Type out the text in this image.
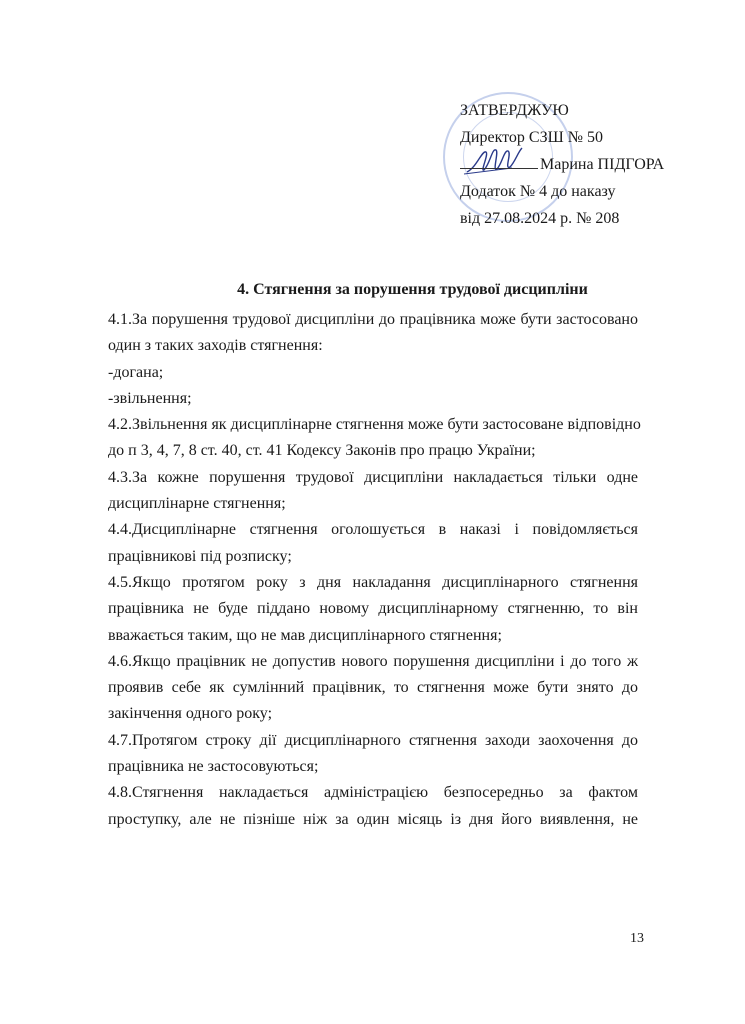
ЗАТВЕРДЖУЮ
Директор СЗШ № 50
Марина ПІДГОРА
Додаток № 4 до наказу
від 27.08.2024 р. № 208
4. Стягнення за порушення трудової дисципліни
4.1.За порушення трудової дисципліни до працівника може бути застосовано
один з таких заходів стягнення:
-догана;
-звільнення;
4.2.Звільнення як дисциплінарне стягнення може бути застосоване відповідно
до п 3, 4, 7, 8 ст. 40, ст. 41 Кодексу Законів про працю України;
4.3.За кожне порушення трудової дисципліни накладається тільки одне
дисциплінарне стягнення;
4.4.Дисциплінарне стягнення оголошується в наказі і повідомляється
працівникові під розписку;
4.5.Якщо протягом року з дня накладання дисциплінарного стягнення
працівника не буде піддано новому дисциплінарному стягненню, то він
вважається таким, що не мав дисциплінарного стягнення;
4.6.Якщо працівник не допустив нового порушення дисципліни і до того ж
проявив себе як сумлінний працівник, то стягнення може бути знято до
закінчення одного року;
4.7.Протягом строку дії дисциплінарного стягнення заходи заохочення до
працівника не застосовуються;
4.8.Стягнення накладається адміністрацією безпосередньо за фактом
проступку, але не пізніше ніж за один місяць із дня його виявлення, не
13
